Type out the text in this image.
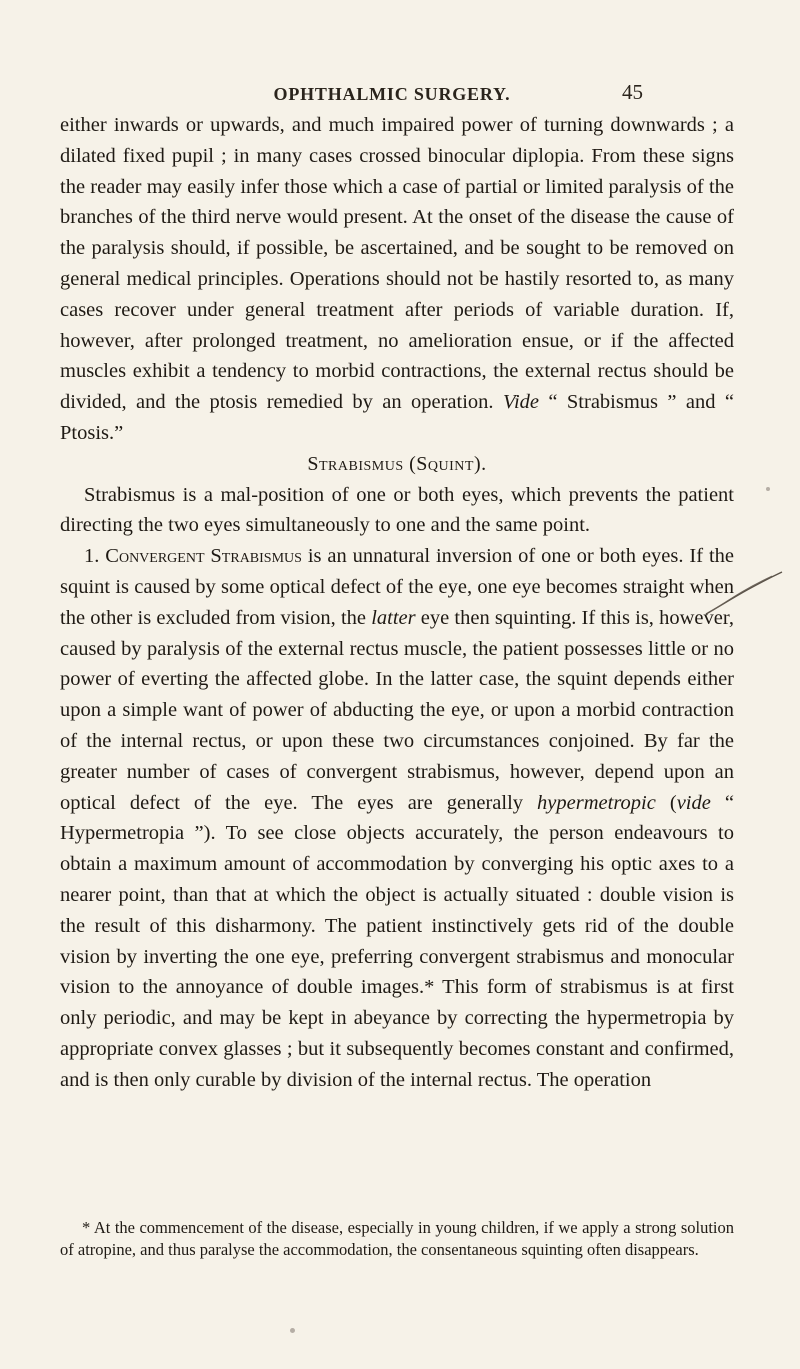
OPHTHALMIC SURGERY.	45

either inwards or upwards, and much impaired power of turning downwards ; a dilated fixed pupil ; in many cases crossed binocular diplopia. From these signs the reader may easily infer those which a case of partial or limited paralysis of the branches of the third nerve would present. At the onset of the disease the cause of the paralysis should, if possible, be ascertained, and be sought to be removed on general medical principles. Operations should not be hastily resorted to, as many cases recover under general treatment after periods of variable duration. If, however, after prolonged treatment, no amelioration ensue, or if the affected muscles exhibit a tendency to morbid contractions, the external rectus should be divided, and the ptosis remedied by an operation. Vide “ Strabismus ” and “ Ptosis.”

Strabismus (Squint).

Strabismus is a mal-position of one or both eyes, which prevents the patient directing the two eyes simultaneously to one and the same point.

1. Convergent Strabismus is an unnatural inversion of one or both eyes. If the squint is caused by some optical defect of the eye, one eye becomes straight when the other is excluded from vision, the latter eye then squinting. If this is, however, caused by paralysis of the external rectus muscle, the patient possesses little or no power of everting the affected globe. In the latter case, the squint depends either upon a simple want of power of abducting the eye, or upon a morbid contraction of the internal rectus, or upon these two circumstances conjoined. By far the greater number of cases of convergent strabismus, however, depend upon an optical defect of the eye. The eyes are generally hypermetropic (vide “ Hypermetropia ”). To see close objects accurately, the person endeavours to obtain a maximum amount of accommodation by converging his optic axes to a nearer point, than that at which the object is actually situated : double vision is the result of this disharmony. The patient instinctively gets rid of the double vision by inverting the one eye, preferring convergent strabismus and monocular vision to the annoyance of double images.* This form of strabismus is at first only periodic, and may be kept in abeyance by correcting the hypermetropia by appropriate convex glasses ; but it subsequently becomes constant and confirmed, and is then only curable by division of the internal rectus. The operation

* At the commencement of the disease, especially in young children, if we apply a strong solution of atropine, and thus paralyse the accommodation, the consentaneous squinting often disappears.
